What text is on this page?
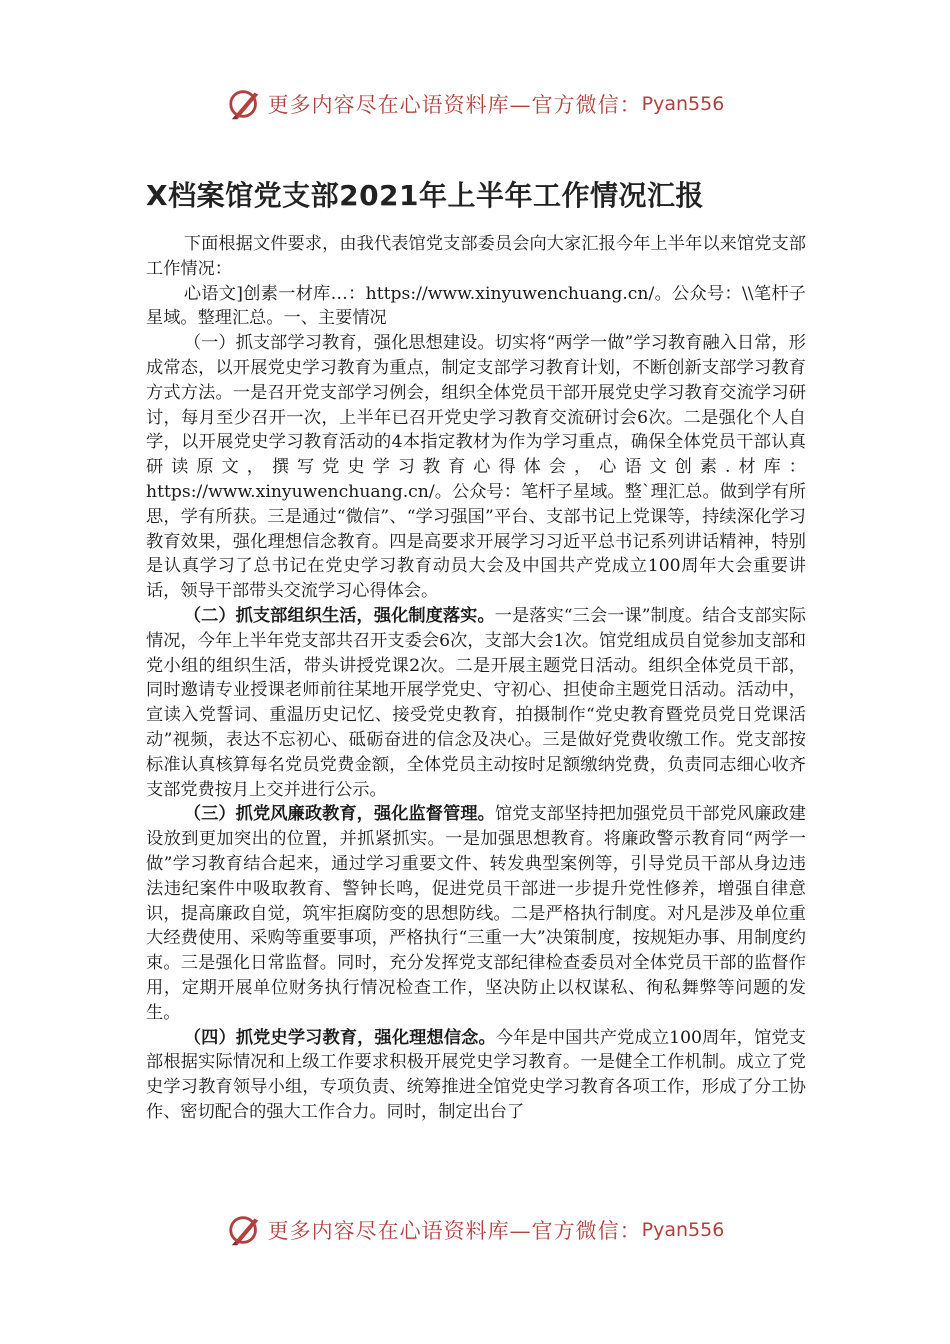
更多内容尽在心语资料库—官方微信： Pyan556
X档案馆党支部2021年上半年工作情况汇报

下面根据文件要求，由我代表馆党支部委员会向大家汇报今年上半年以来馆党支部工作情况：

心语文]创素一材库…：https://www.xinyuwenchuang.cn/。公众号：\\笔杆子星域。整理汇总。一、主要情况

（一）抓支部学习教育，强化思想建设。切实将“两学一做”学习教育融入日常，形成常态，以开展党史学习教育为重点，制定支部学习教育计划，不断创新支部学习教育方式方法。一是召开党支部学习例会，组织全体党员干部开展党史学习教育交流学习研讨，每月至少召开一次，上半年已召开党史学习教育交流研讨会6次。二是强化个人自学，以开展党史学习教育活动的4本指定教材为作为学习重点，确保全体党员干部认真研读原文，撰写党史学习教育心得体会，心语文创素.材库：https://www.xinyuwenchuang.cn/。公众号：笔杆子星域。整`理汇总。做到学有所思，学有所获。三是通过“微信”、“学习强国”平台、支部书记上党课等，持续深化学习教育效果，强化理想信念教育。四是高要求开展学习习近平总书记系列讲话精神，特别是认真学习了总书记在党史学习教育动员大会及中国共产党成立100周年大会重要讲话，领导干部带头交流学习心得体会。

（二）抓支部组织生活，强化制度落实。一是落实“三会一课”制度。结合支部实际情况，今年上半年党支部共召开支委会6次，支部大会1次。馆党组成员自觉参加支部和党小组的组织生活，带头讲授党课2次。二是开展主题党日活动。组织全体党员干部，同时邀请专业授课老师前往某地开展学党史、守初心、担使命主题党日活动。活动中，宣读入党誓词、重温历史记忆、接受党史教育，拍摄制作“党史教育暨党员党日党课活动”视频，表达不忘初心、砥砺奋进的信念及决心。三是做好党费收缴工作。党支部按标准认真核算每名党员党费金额，全体党员主动按时足额缴纳党费，负责同志细心收齐支部党费按月上交并进行公示。

（三）抓党风廉政教育，强化监督管理。馆党支部坚持把加强党员干部党风廉政建设放到更加突出的位置，并抓紧抓实。一是加强思想教育。将廉政警示教育同“两学一做”学习教育结合起来，通过学习重要文件、转发典型案例等，引导党员干部从身边违法违纪案件中吸取教育、警钟长鸣，促进党员干部进一步提升党性修养，增强自律意识，提高廉政自觉，筑牢拒腐防变的思想防线。二是严格执行制度。对凡是涉及单位重大经费使用、采购等重要事项，严格执行“三重一大”决策制度，按规矩办事、用制度约束。三是强化日常监督。同时，充分发挥党支部纪律检查委员对全体党员干部的监督作用，定期开展单位财务执行情况检查工作，坚决防止以权谋私、徇私舞弊等问题的发生。

（四）抓党史学习教育，强化理想信念。今年是中国共产党成立100周年，馆党支部根据实际情况和上级工作要求积极开展党史学习教育。一是健全工作机制。成立了党史学习教育领导小组，专项负责、统筹推进全馆党史学习教育各项工作，形成了分工协作、密切配合的强大工作合力。同时，制定出台了

更多内容尽在心语资料库—官方微信： Pyan556
